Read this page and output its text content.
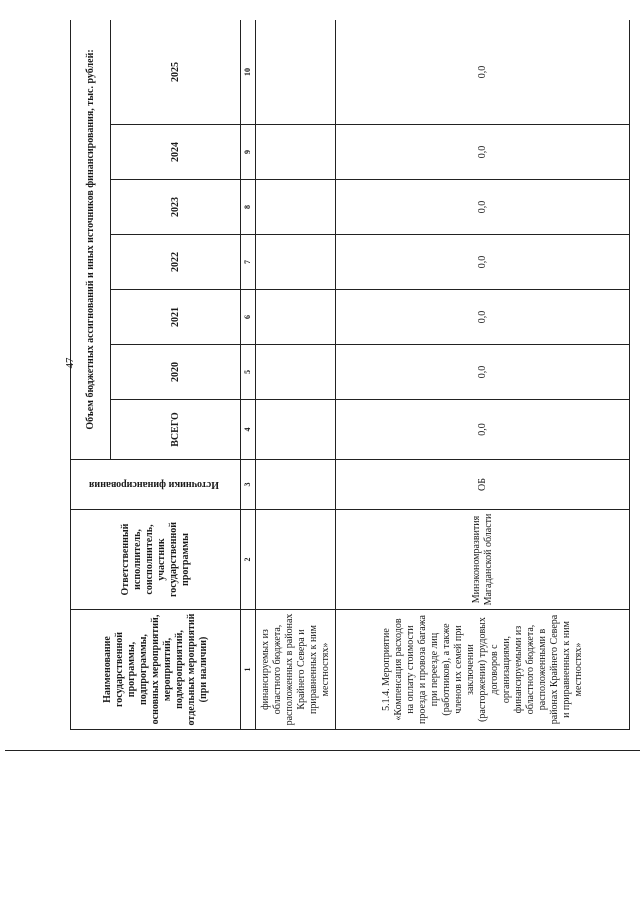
47
Наименование государственной программы, подпрограммы, основных мероприятий, мероприятий, подмероприятий, отдельных мероприятий (при наличии)	Ответственный исполнитель, соисполнитель, участник государственной программы	Источники финансирования	Объем бюджетных ассигнований и иных источников финансирования, тыс. рублей:						
			ВСЕГО	2020	2021	2022	2023	2024	2025
1	2	3	4	5	6	7	8	9	10
финансируемых из областного бюджета, расположенных в районах Крайнего Севера и приравненных к ним местностях»									
5.1.4. Мероприятие «Компенсация расходов на оплату стоимости проезда и провоза багажа при переезде лиц (работников), а также членов их семей при заключении (расторжении) трудовых договоров с организациями, финансируемыми из областного бюджета, расположенными в районах Крайнего Севера и приравненных к ним местностях»	Минэкономразвития Магаданской области	ОБ	0,0	0,0	0,0	0,0	0,0	0,0	0,0
